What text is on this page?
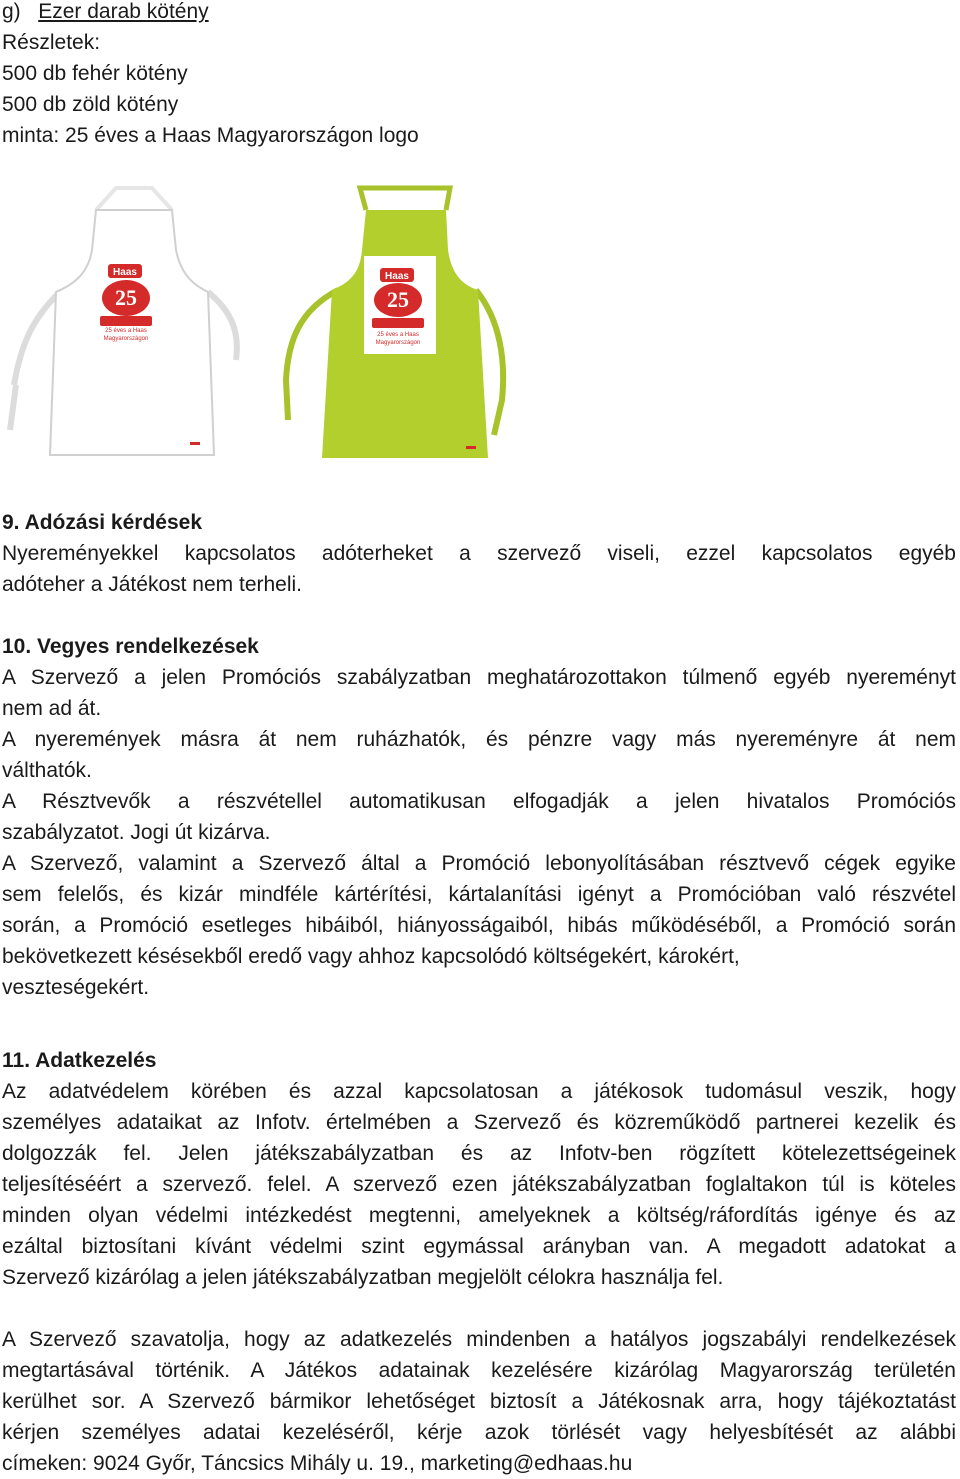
g) Ezer darab kötény
Részletek:
500 db fehér kötény
500 db zöld kötény
minta: 25 éves a Haas Magyarországon logo
Haas
25
25 éves a Haas
Magyarországon
Haas
25
25 éves a Haas
Magyarországon
9. Adózási kérdések
Nyereményekkel kapcsolatos adóterheket a szervező viseli, ezzel kapcsolatos egyéb
adóteher a Játékost nem terheli.
10. Vegyes rendelkezések
A Szervező a jelen Promóciós szabályzatban meghatározottakon túlmenő egyéb nyereményt
nem ad át.
A nyeremények másra át nem ruházhatók, és pénzre vagy más nyereményre át nem
válthatók.
A Résztvevők a részvétellel automatikusan elfogadják a jelen hivatalos Promóciós
szabályzatot. Jogi út kizárva.
A Szervező, valamint a Szervező által a Promóció lebonyolításában résztvevő cégek egyike
sem felelős, és kizár mindféle kártérítési, kártalanítási igényt a Promócióban való részvétel
során, a Promóció esetleges hibáiból, hiányosságaiból, hibás működéséből, a Promóció során
bekövetkezett késésekből eredő vagy ahhoz kapcsolódó költségekért, károkért,
veszteségekért.
11. Adatkezelés
Az adatvédelem körében és azzal kapcsolatosan a játékosok tudomásul veszik, hogy
személyes adataikat az Infotv. értelmében a Szervező és közreműködő partnerei kezelik és
dolgozzák fel. Jelen játékszabályzatban és az Infotv-ben rögzített kötelezettségeinek
teljesítéséért a szervező. felel. A szervező ezen játékszabályzatban foglaltakon túl is köteles
minden olyan védelmi intézkedést megtenni, amelyeknek a költség/ráfordítás igénye és az
ezáltal biztosítani kívánt védelmi szint egymással arányban van. A megadott adatokat a
Szervező kizárólag a jelen játékszabályzatban megjelölt célokra használja fel.
A Szervező szavatolja, hogy az adatkezelés mindenben a hatályos jogszabályi rendelkezések
megtartásával történik. A Játékos adatainak kezelésére kizárólag Magyarország területén
kerülhet sor. A Szervező bármikor lehetőséget biztosít a Játékosnak arra, hogy tájékoztatást
kérjen személyes adatai kezeléséről, kérje azok törlését vagy helyesbítését az alábbi
címeken: 9024 Győr, Táncsics Mihály u. 19., marketing@edhaas.hu
